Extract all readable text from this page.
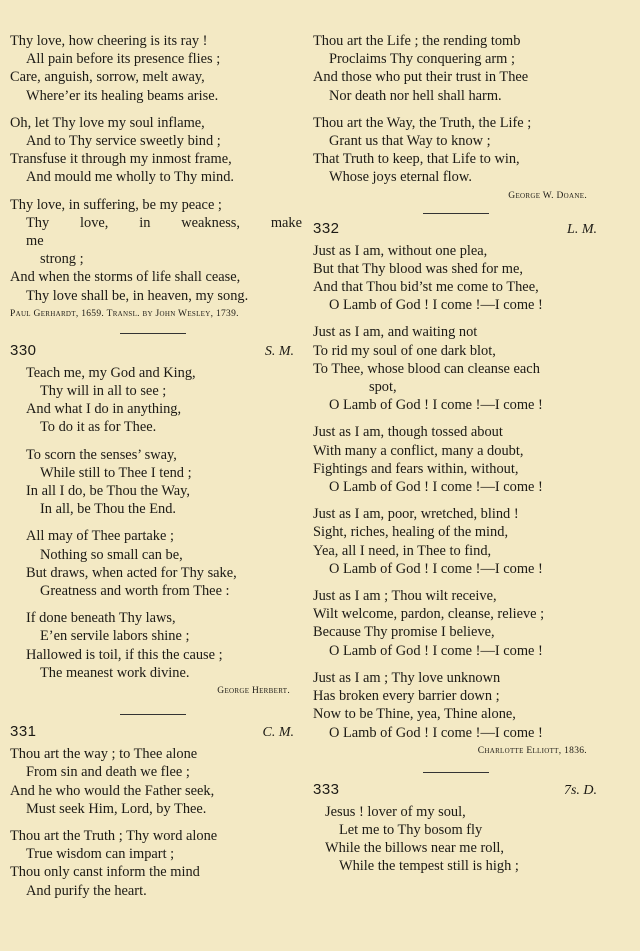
Thy love, how cheering is its ray !
All pain before its presence flies ;
Care, anguish, sorrow, melt away,
Where’er its healing beams arise.
Oh, let Thy love my soul inflame,
And to Thy service sweetly bind ;
Transfuse it through my inmost frame,
And mould me wholly to Thy mind.
Thy love, in suffering, be my peace ;
Thy love, in weakness, make me
strong ;
And when the storms of life shall cease,
Thy love shall be, in heaven, my song.
Paul Gerhardt, 1659. Transl. by John Wesley, 1739.
330	S. M.
Teach me, my God and King,
Thy will in all to see ;
And what I do in anything,
To do it as for Thee.
To scorn the senses’ sway,
While still to Thee I tend ;
In all I do, be Thou the Way,
In all, be Thou the End.
All may of Thee partake ;
Nothing so small can be,
But draws, when acted for Thy sake,
Greatness and worth from Thee :
If done beneath Thy laws,
E’en servile labors shine ;
Hallowed is toil, if this the cause ;
The meanest work divine.
George Herbert.
331	C. M.
Thou art the way ; to Thee alone
From sin and death we flee ;
And he who would the Father seek,
Must seek Him, Lord, by Thee.
Thou art the Truth ; Thy word alone
True wisdom can impart ;
Thou only canst inform the mind
And purify the heart.
Thou art the Life ; the rending tomb
Proclaims Thy conquering arm ;
And those who put their trust in Thee
Nor death nor hell shall harm.
Thou art the Way, the Truth, the Life ;
Grant us that Way to know ;
That Truth to keep, that Life to win,
Whose joys eternal flow.
George W. Doane.
332	L. M.
Just as I am, without one plea,
But that Thy blood was shed for me,
And that Thou bid’st me come to Thee,
O Lamb of God ! I come !—I come !
Just as I am, and waiting not
To rid my soul of one dark blot,
To Thee, whose blood can cleanse each
spot,
O Lamb of God ! I come !—I come !
Just as I am, though tossed about
With many a conflict, many a doubt,
Fightings and fears within, without,
O Lamb of God ! I come !—I come !
Just as I am, poor, wretched, blind !
Sight, riches, healing of the mind,
Yea, all I need, in Thee to find,
O Lamb of God ! I come !—I come !
Just as I am ; Thou wilt receive,
Wilt welcome, pardon, cleanse, relieve ;
Because Thy promise I believe,
O Lamb of God ! I come !—I come !
Just as I am ; Thy love unknown
Has broken every barrier down ;
Now to be Thine, yea, Thine alone,
O Lamb of God ! I come !—I come !
Charlotte Elliott, 1836.
333	7s. D.
Jesus ! lover of my soul,
Let me to Thy bosom fly
While the billows near me roll,
While the tempest still is high ;
